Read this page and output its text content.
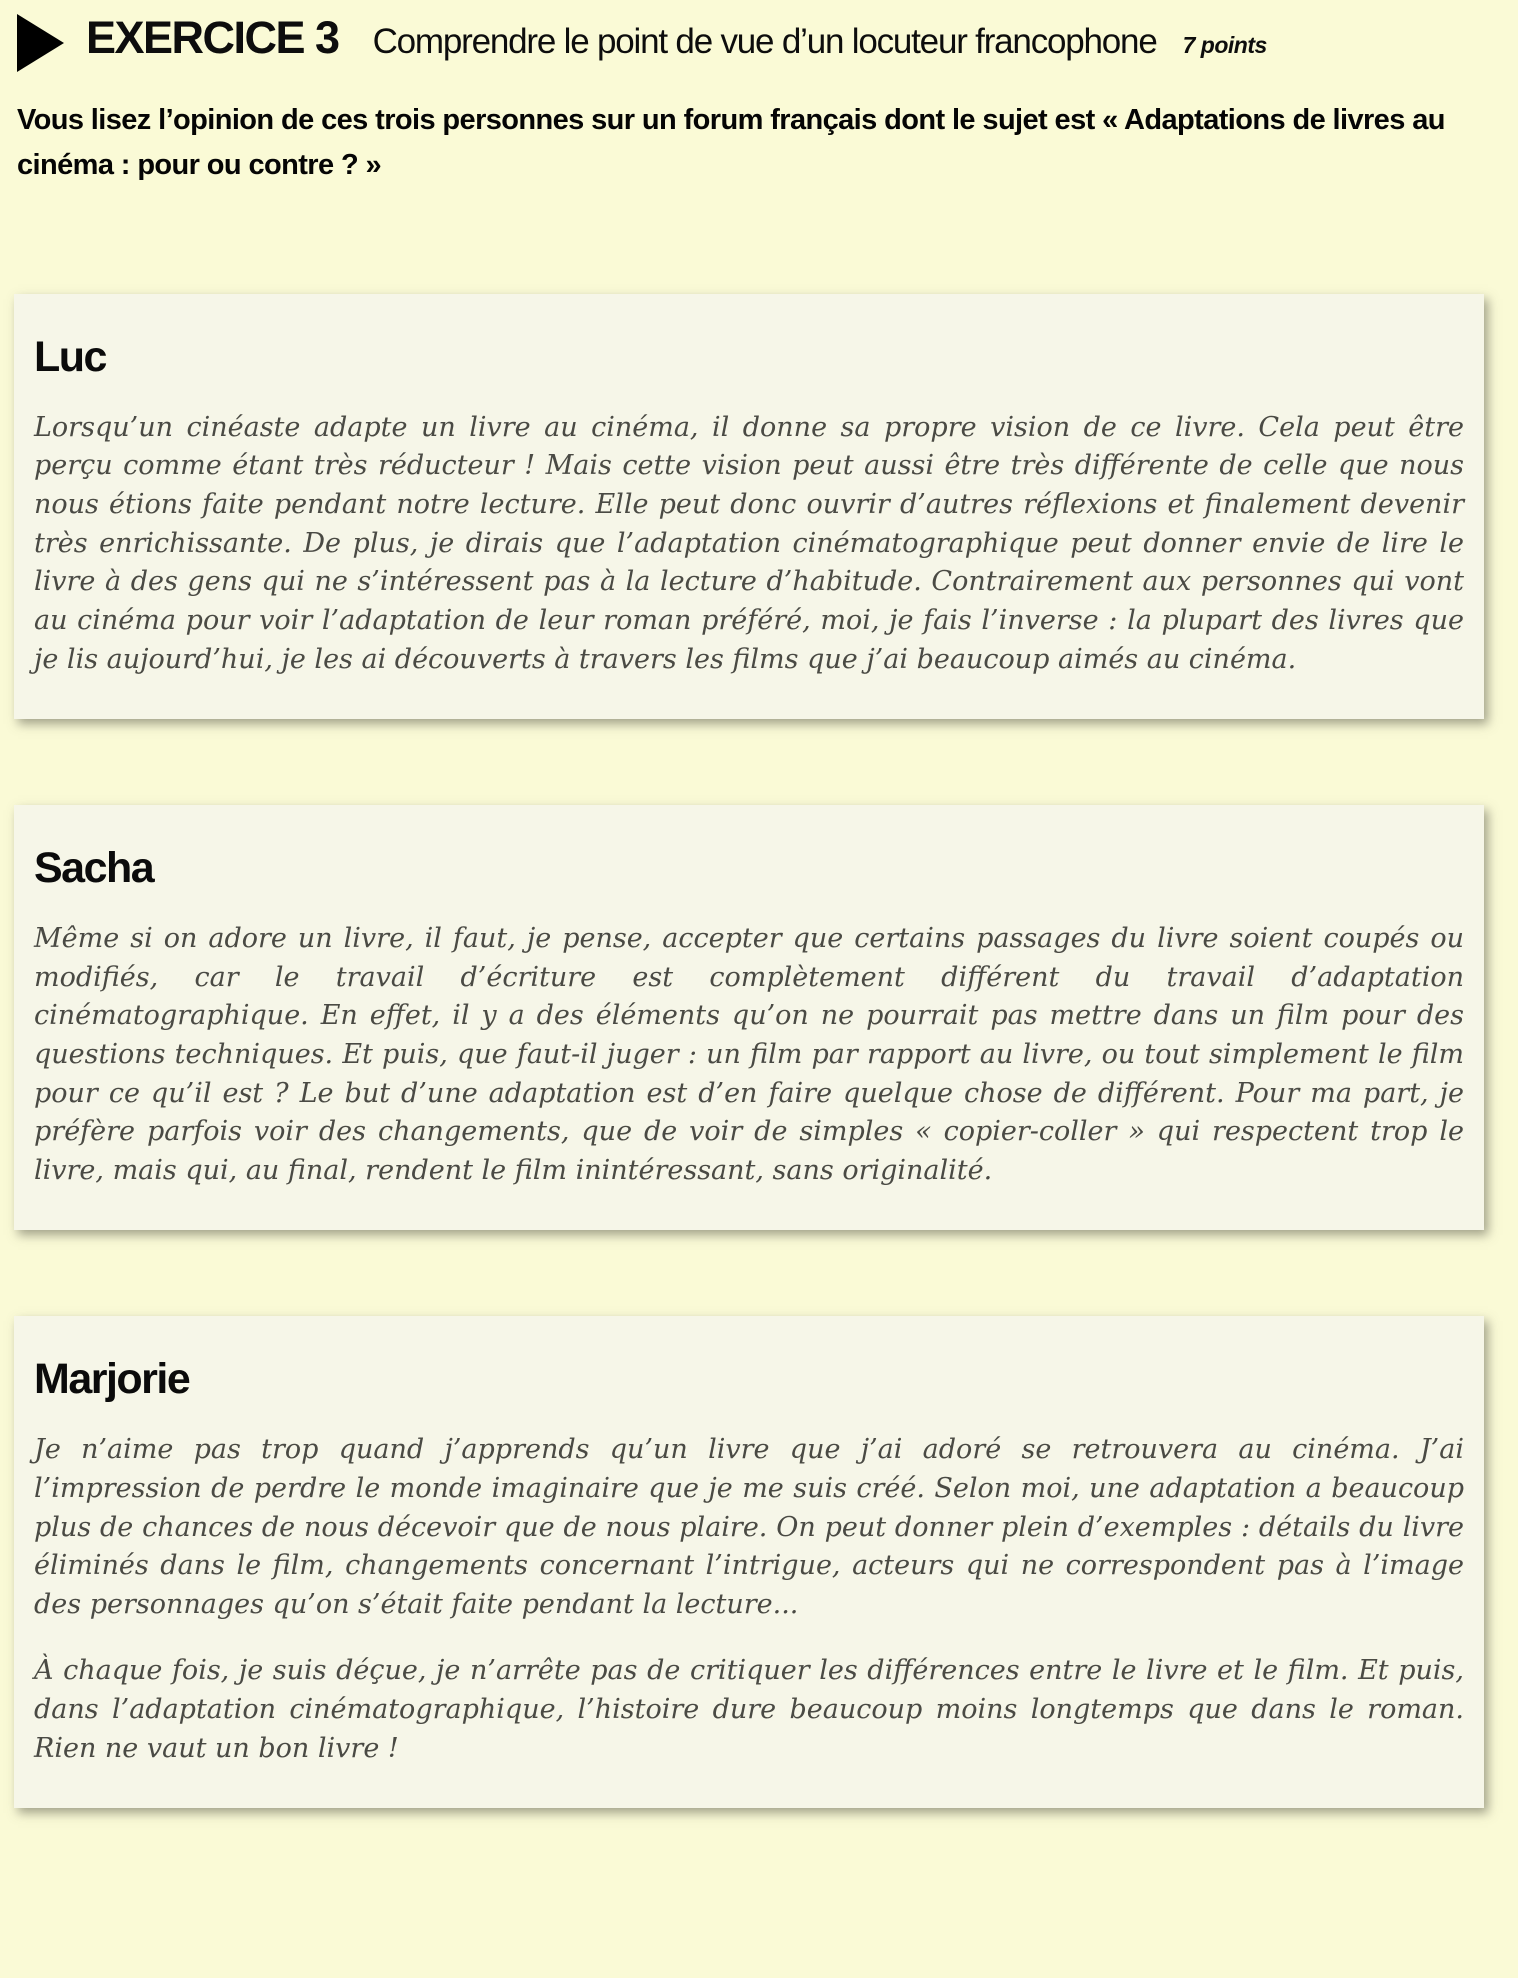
EXERCICE 3 Comprendre le point de vue d’un locuteur francophone 7 points

Vous lisez l’opinion de ces trois personnes sur un forum français dont le sujet est « Adaptations de livres au cinéma : pour ou contre ? »

Luc

Lorsqu’un cinéaste adapte un livre au cinéma, il donne sa propre vision de ce livre. Cela peut être perçu comme étant très réducteur ! Mais cette vision peut aussi être très différente de celle que nous nous étions faite pendant notre lecture. Elle peut donc ouvrir d’autres réflexions et finalement devenir très enrichissante. De plus, je dirais que l’adaptation cinématographique peut donner envie de lire le livre à des gens qui ne s’intéressent pas à la lecture d’habitude. Contrairement aux personnes qui vont au cinéma pour voir l’adaptation de leur roman préféré, moi, je fais l’inverse : la plupart des livres que je lis aujourd’hui, je les ai découverts à travers les films que j’ai beaucoup aimés au cinéma.

Sacha

Même si on adore un livre, il faut, je pense, accepter que certains passages du livre soient coupés ou modifiés, car le travail d’écriture est complètement différent du travail d’adaptation cinématographique. En effet, il y a des éléments qu’on ne pourrait pas mettre dans un film pour des questions techniques. Et puis, que faut-il juger : un film par rapport au livre, ou tout simplement le film pour ce qu’il est ? Le but d’une adaptation est d’en faire quelque chose de différent. Pour ma part, je préfère parfois voir des changements, que de voir de simples « copier-coller » qui respectent trop le livre, mais qui, au final, rendent le film inintéressant, sans originalité.

Marjorie

Je n’aime pas trop quand j’apprends qu’un livre que j’ai adoré se retrouvera au cinéma. J’ai l’impression de perdre le monde imaginaire que je me suis créé. Selon moi, une adaptation a beaucoup plus de chances de nous décevoir que de nous plaire. On peut donner plein d’exemples : détails du livre éliminés dans le film, changements concernant l’intrigue, acteurs qui ne correspondent pas à l’image des personnages qu’on s’était faite pendant la lecture...

À chaque fois, je suis déçue, je n’arrête pas de critiquer les différences entre le livre et le film. Et puis, dans l’adaptation cinématographique, l’histoire dure beaucoup moins longtemps que dans le roman. Rien ne vaut un bon livre !
